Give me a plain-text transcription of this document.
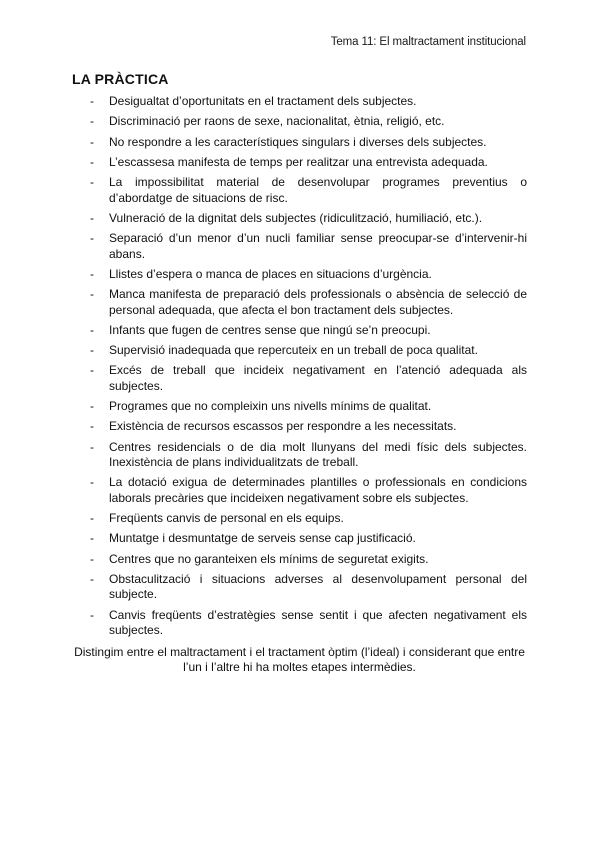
Tema 11: El maltractament institucional
LA PRÀCTICA
- Desigualtat d’oportunitats en el tractament dels subjectes.
- Discriminació per raons de sexe, nacionalitat, ètnia, religió, etc.
- No respondre a les característiques singulars i diverses dels subjectes.
- L’escassesa manifesta de temps per realitzar una entrevista adequada.
- La impossibilitat material de desenvolupar programes preventius o d’abordatge de situacions de risc.
- Vulneració de la dignitat dels subjectes (ridiculització, humiliació, etc.).
- Separació d’un menor d’un nucli familiar sense preocupar-se d’intervenir-hi abans.
- Llistes d’espera o manca de places en situacions d’urgència.
- Manca manifesta de preparació dels professionals o absència de selecció de personal adequada, que afecta el bon tractament dels subjectes.
- Infants que fugen de centres sense que ningú se’n preocupi.
- Supervisió inadequada que repercuteix en un treball de poca qualitat.
- Excés de treball que incideix negativament en l’atenció adequada als subjectes.
- Programes que no compleixin uns nivells mínims de qualitat.
- Existència de recursos escassos per respondre a les necessitats.
- Centres residencials o de dia molt llunyans del medi físic dels subjectes. Inexistència de plans individualitzats de treball.
- La dotació exigua de determinades plantilles o professionals en condicions laborals precàries que incideixen negativament sobre els subjectes.
- Freqüents canvis de personal en els equips.
- Muntatge i desmuntatge de serveis sense cap justificació.
- Centres que no garanteixen els mínims de seguretat exigits.
- Obstaculització i situacions adverses al desenvolupament personal del subjecte.
- Canvis freqüents d’estratègies sense sentit i que afecten negativament els subjectes.

Distingim entre el maltractament i el tractament òptim (l’ideal) i considerant que entre l’un i l’altre hi ha moltes etapes intermèdies.
